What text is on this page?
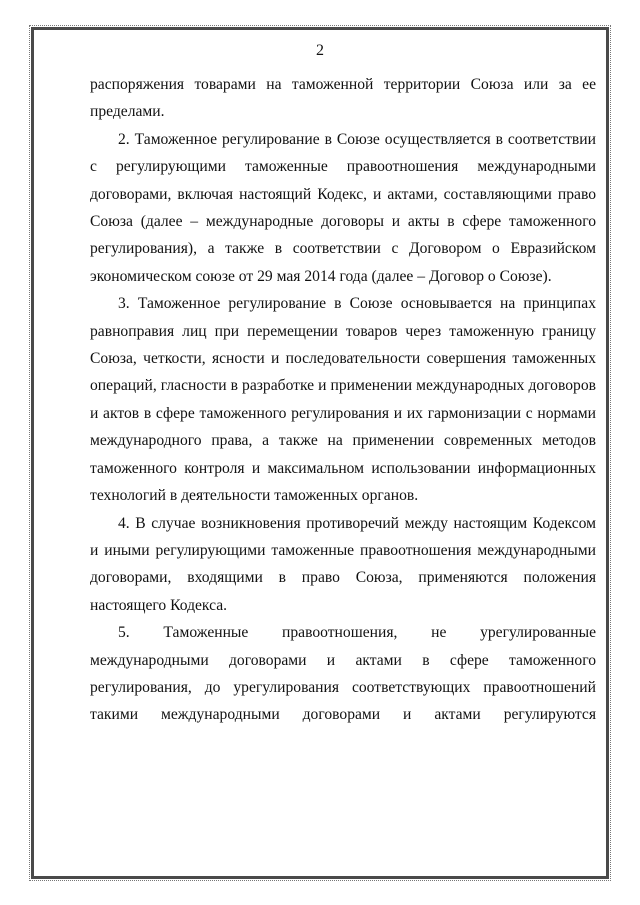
2

распоряжения товарами на таможенной территории Союза или за ее пределами.

2. Таможенное регулирование в Союзе осуществляется в соответствии с регулирующими таможенные правоотношения международными договорами, включая настоящий Кодекс, и актами, составляющими право Союза (далее – международные договоры и акты в сфере таможенного регулирования), а также в соответствии с Договором о Евразийском экономическом союзе от 29 мая 2014 года (далее – Договор о Союзе).

3. Таможенное регулирование в Союзе основывается на принципах равноправия лиц при перемещении товаров через таможенную границу Союза, четкости, ясности и последовательности совершения таможенных операций, гласности в разработке и применении международных договоров и актов в сфере таможенного регулирования и их гармонизации с нормами международного права, а также на применении современных методов таможенного контроля и максимальном использовании информационных технологий в деятельности таможенных органов.

4. В случае возникновения противоречий между настоящим Кодексом и иными регулирующими таможенные правоотношения международными договорами, входящими в право Союза, применяются положения настоящего Кодекса.

5. Таможенные правоотношения, не урегулированные международными договорами и актами в сфере таможенного регулирования, до урегулирования соответствующих правоотношений такими международными договорами и актами регулируются
